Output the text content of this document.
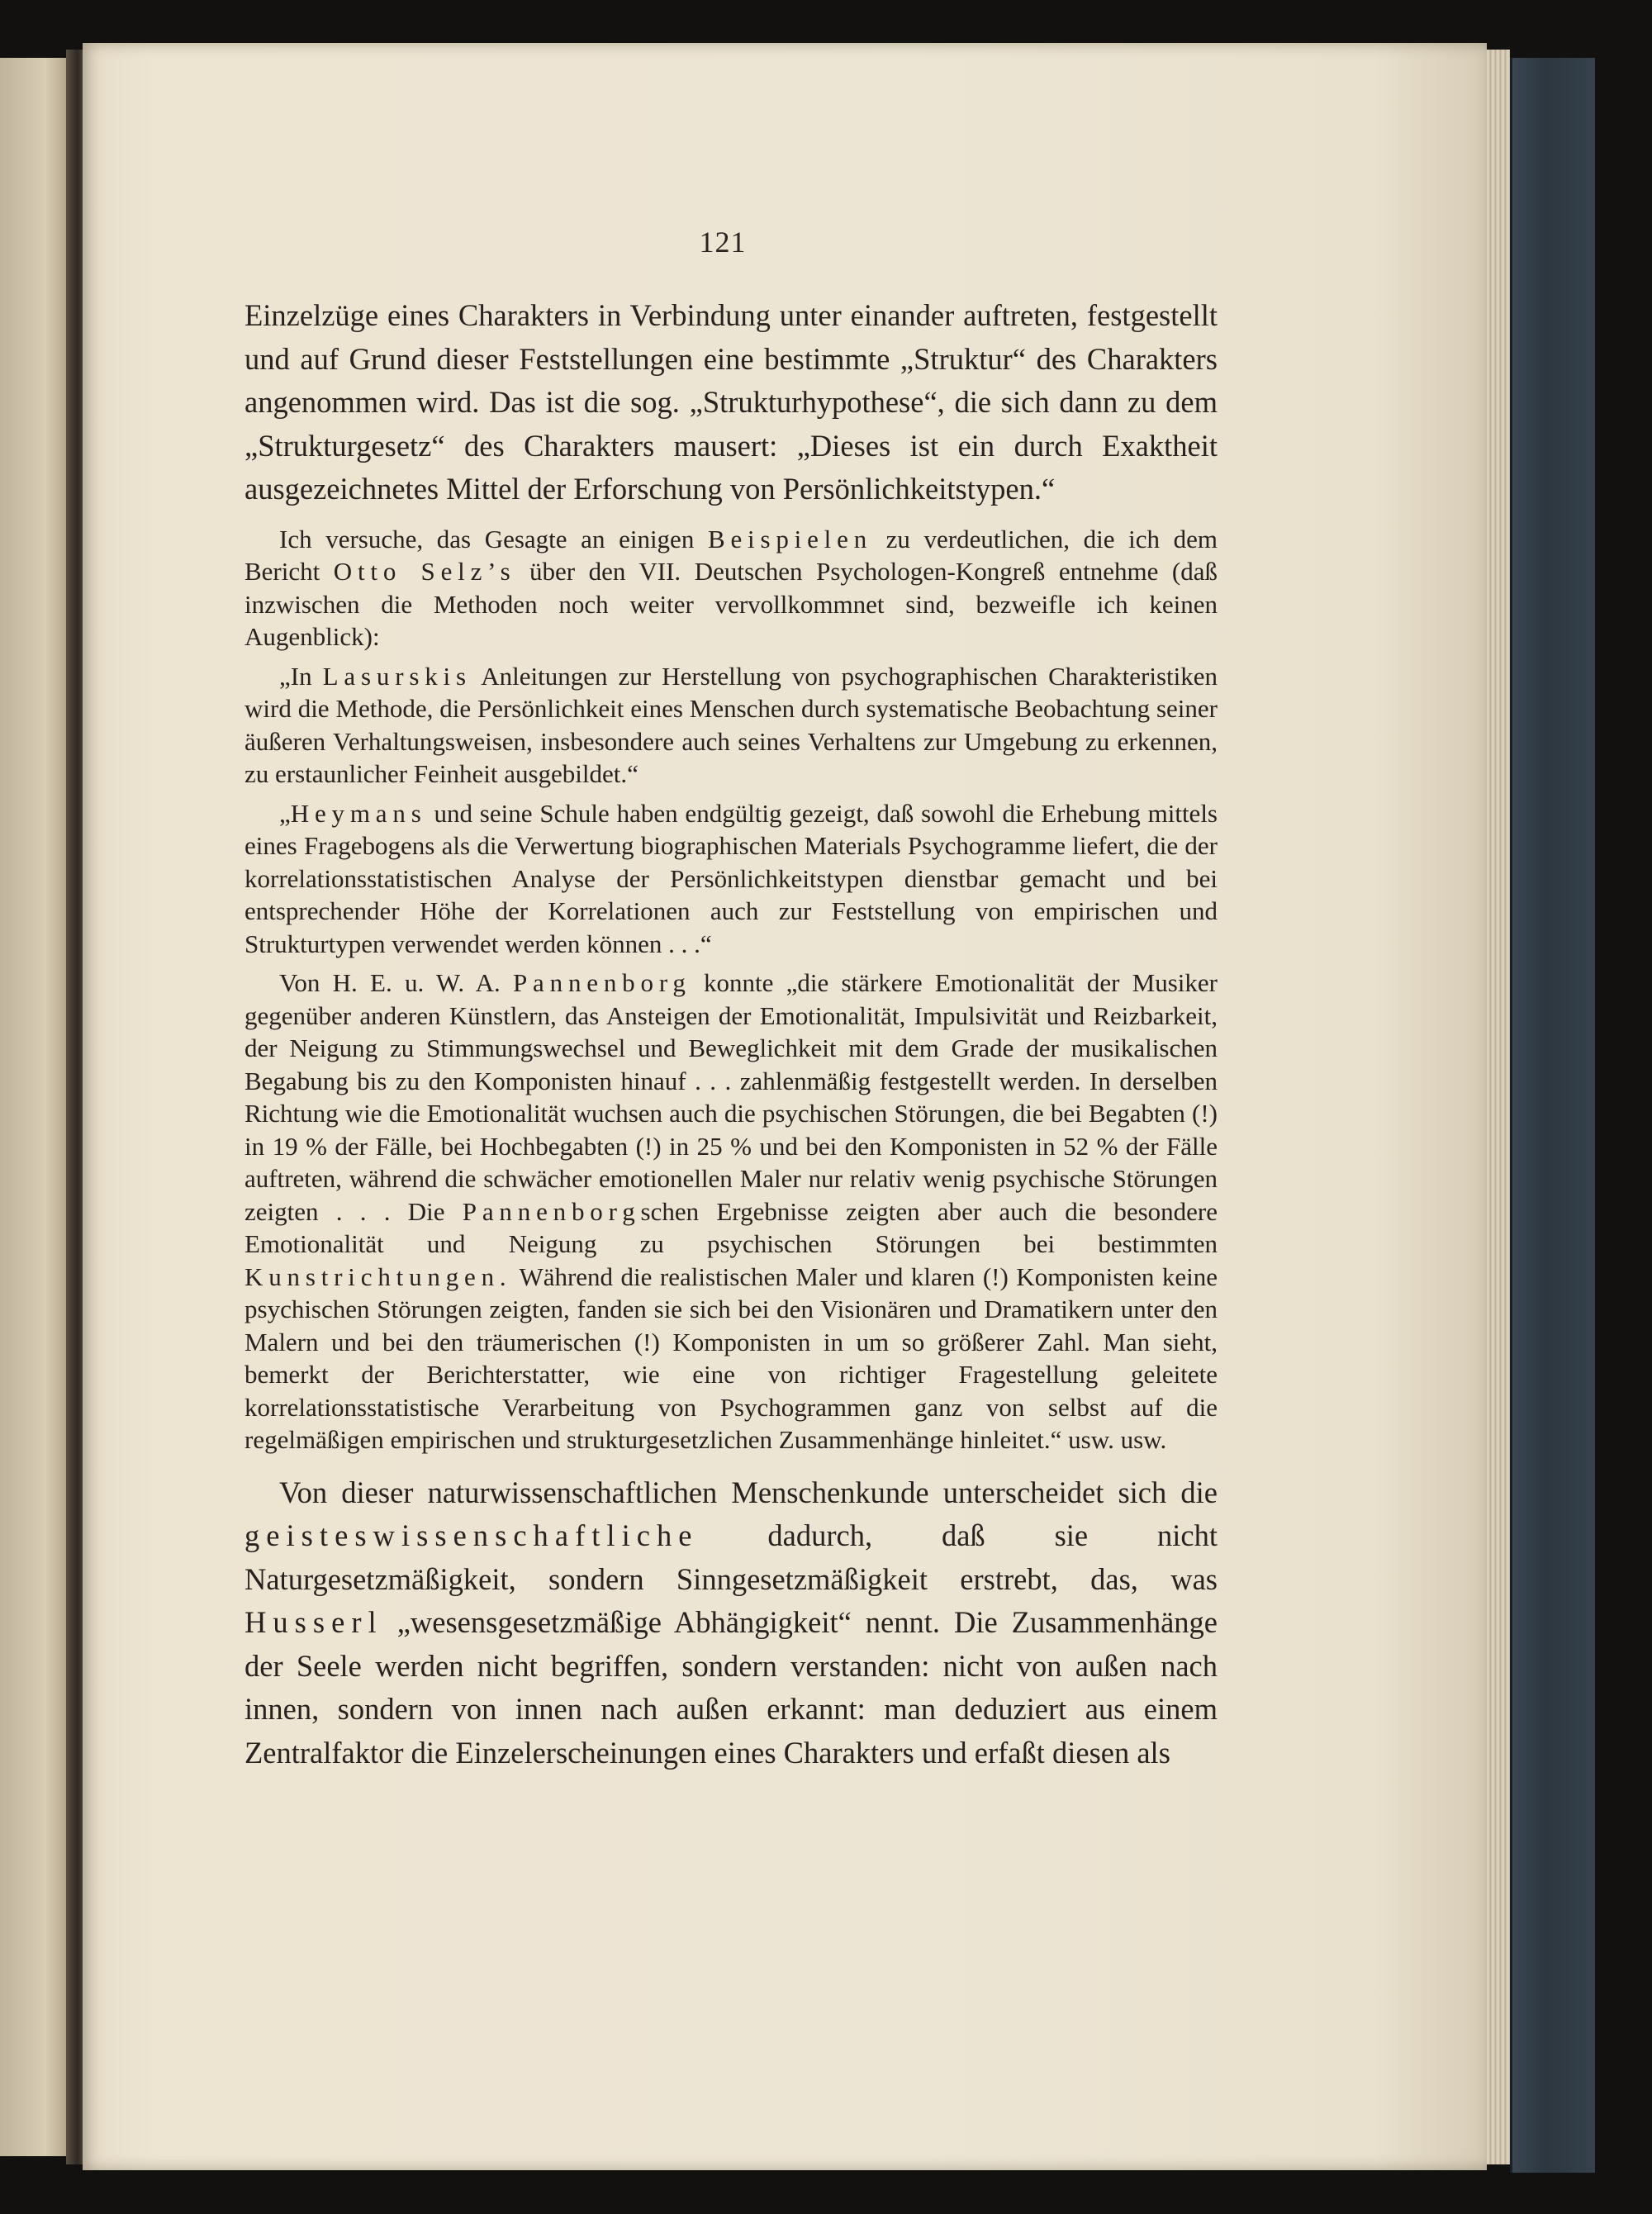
121

Einzelzüge eines Charakters in Verbindung unter einander auftreten, festgestellt und auf Grund dieser Feststellungen eine bestimmte „Struktur“ des Charakters angenommen wird. Das ist die sog. „Strukturhypothese“, die sich dann zu dem „Strukturgesetz“ des Charakters mausert: „Dieses ist ein durch Exaktheit ausgezeichnetes Mittel der Erforschung von Persönlichkeitstypen.“

Ich versuche, das Gesagte an einigen Beispielen zu verdeutlichen, die ich dem Bericht Otto Selz’s über den VII. Deutschen Psychologen-Kongreß entnehme (daß inzwischen die Methoden noch weiter vervollkommnet sind, bezweifle ich keinen Augenblick):

„In Lasurskis Anleitungen zur Herstellung von psychographischen Charakteristiken wird die Methode, die Persönlichkeit eines Menschen durch systematische Beobachtung seiner äußeren Verhaltungsweisen, insbesondere auch seines Verhaltens zur Umgebung zu erkennen, zu erstaunlicher Feinheit ausgebildet.“

„Heymans und seine Schule haben endgültig gezeigt, daß sowohl die Erhebung mittels eines Fragebogens als die Verwertung biographischen Materials Psychogramme liefert, die der korrelationsstatistischen Analyse der Persönlichkeitstypen dienstbar gemacht und bei entsprechender Höhe der Korrelationen auch zur Feststellung von empirischen und Strukturtypen verwendet werden können . . .“

Von H. E. u. W. A. Pannenborg konnte „die stärkere Emotionalität der Musiker gegenüber anderen Künstlern, das Ansteigen der Emotionalität, Impulsivität und Reizbarkeit, der Neigung zu Stimmungswechsel und Beweglichkeit mit dem Grade der musikalischen Begabung bis zu den Komponisten hinauf . . . zahlenmäßig festgestellt werden. In derselben Richtung wie die Emotionalität wuchsen auch die psychischen Störungen, die bei Begabten (!) in 19 % der Fälle, bei Hochbegabten (!) in 25 % und bei den Komponisten in 52 % der Fälle auftreten, während die schwächer emotionellen Maler nur relativ wenig psychische Störungen zeigten . . . Die Pannenborgschen Ergebnisse zeigten aber auch die besondere Emotionalität und Neigung zu psychischen Störungen bei bestimmten Kunstrichtungen. Während die realistischen Maler und klaren (!) Komponisten keine psychischen Störungen zeigten, fanden sie sich bei den Visionären und Dramatikern unter den Malern und bei den träumerischen (!) Komponisten in um so größerer Zahl. Man sieht, bemerkt der Berichterstatter, wie eine von richtiger Fragestellung geleitete korrelationsstatistische Verarbeitung von Psychogrammen ganz von selbst auf die regelmäßigen empirischen und strukturgesetzlichen Zusammenhänge hinleitet.“ usw. usw.

Von dieser naturwissenschaftlichen Menschenkunde unterscheidet sich die geisteswissenschaftliche dadurch, daß sie nicht Naturgesetzmäßigkeit, sondern Sinngesetzmäßigkeit erstrebt, das, was Husserl „wesensgesetzmäßige Abhängigkeit“ nennt. Die Zusammenhänge der Seele werden nicht begriffen, sondern verstanden: nicht von außen nach innen, sondern von innen nach außen erkannt: man deduziert aus einem Zentralfaktor die Einzelerscheinungen eines Charakters und erfaßt diesen als
